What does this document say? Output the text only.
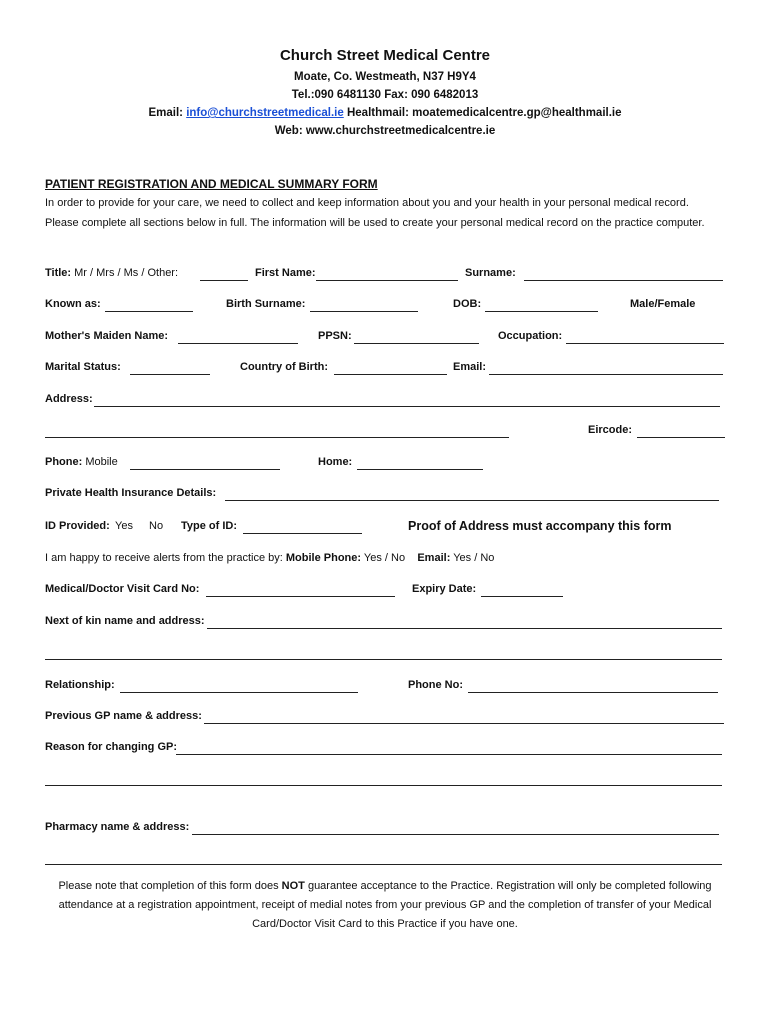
Church Street Medical Centre
Moate, Co. Westmeath, N37 H9Y4
Tel.:090 6481130 Fax: 090 6482013
Email: info@churchstreetmedical.ie Healthmail: moatemedicalcentre.gp@healthmail.ie
Web: www.churchstreetmedicalcentre.ie
PATIENT REGISTRATION AND MEDICAL SUMMARY FORM
In order to provide for your care, we need to collect and keep information about you and your health in your personal medical record. Please complete all sections below in full. The information will be used to create your personal medical record on the practice computer.
Title: Mr / Mrs / Ms / Other:	First Name:	Surname:
Known as:	Birth Surname:	DOB:	Male/Female
Mother's Maiden Name:	PPSN:	Occupation:
Marital Status:	Country of Birth:	Email:
Address:
Eircode:
Phone: Mobile	Home:
Private Health Insurance Details:
ID Provided: Yes No Type of ID:	Proof of Address must accompany this form
I am happy to receive alerts from the practice by: Mobile Phone: Yes / No Email: Yes / No
Medical/Doctor Visit Card No:	Expiry Date:
Next of kin name and address:
Relationship:	Phone No:
Previous GP name & address:
Reason for changing GP:
Pharmacy name & address:
Please note that completion of this form does NOT guarantee acceptance to the Practice. Registration will only be completed following attendance at a registration appointment, receipt of medial notes from your previous GP and the completion of transfer of your Medical Card/Doctor Visit Card to this Practice if you have one.
